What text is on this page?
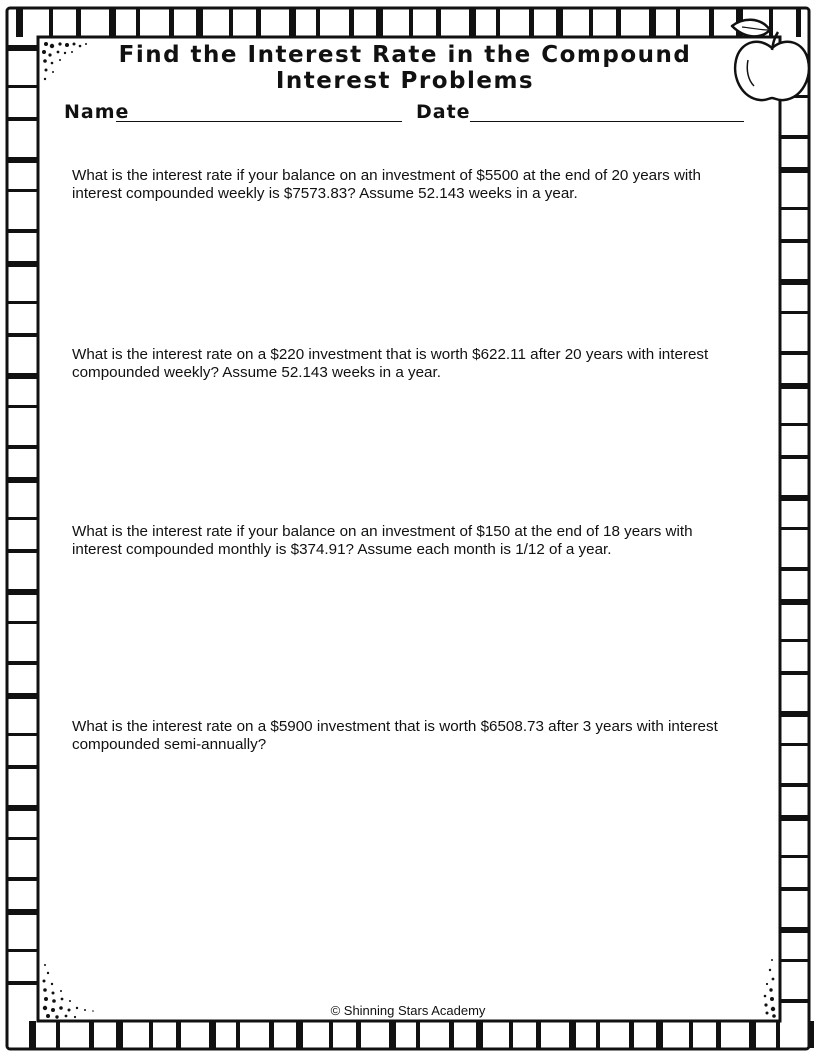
Find the Interest Rate in the Compound Interest Problems
Name	Date
What is the interest rate if your balance on an investment of $5500 at the end of 20 years with interest compounded weekly is $7573.83? Assume 52.143 weeks in a year.
What is the interest rate on a $220 investment that is worth $622.11 after 20 years with interest compounded weekly? Assume 52.143 weeks in a year.
What is the interest rate if your balance on an investment of $150 at the end of 18 years with interest compounded monthly is $374.91? Assume each month is 1/12 of a year.
What is the interest rate on a $5900 investment that is worth $6508.73 after 3 years with interest compounded semi-annually?
© Shinning Stars Academy
